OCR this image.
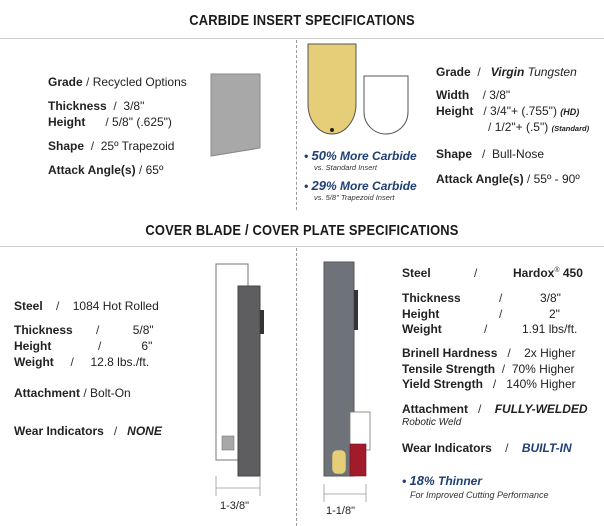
CARBIDE INSERT SPECIFICATIONS
Grade / Recycled Options
Thickness  /  3/8"
Height      / 5/8" (.625")
Shape  /  25º Trapezoid
Attack Angle(s) / 65º
• 50% More Carbide
vs. Standard Insert
• 29% More Carbide
vs. 5/8" Trapezoid Insert
Grade  /   Virgin Tungsten
Width    / 3/8"
Height   / 3/4"+ (.755") (HD)
/ 1/2"+ (.5") (Standard)
Shape   /  Bull-Nose
Attack Angle(s) / 55º - 90º
COVER BLADE / COVER PLATE SPECIFICATIONS
Steel    /    1084 Hot Rolled
Thickness       /          5/8"
Height              /            6"
Weight     /     12.8 lbs./ft.
Attachment / Bolt-On
Wear Indicators   /   NONE
1-3/8"	1-1/8"
Steel	/	Hardox® 450
Thickness	/	3/8"
Height	/	2"
Weight	/	1.91 lbs/ft.
Brinell Hardness   /    2x Higher
Tensile Strength  /  70% Higher
Yield Strength   /   140% Higher
Attachment   /    FULLY-WELDED
Robotic Weld
Wear Indicators    /    BUILT-IN
• 18% Thinner
For Improved Cutting Performance
